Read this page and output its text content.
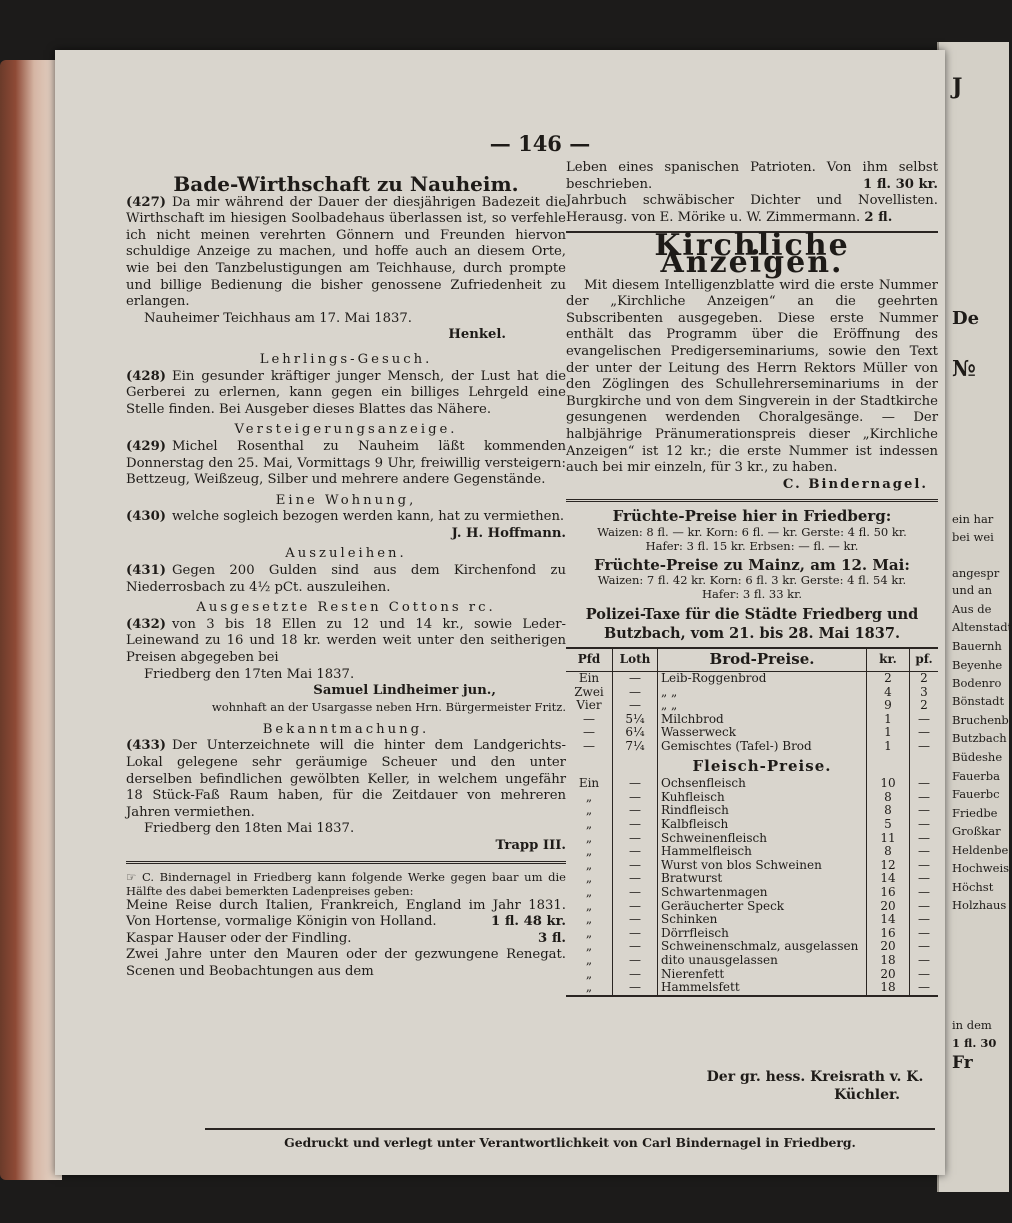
— 146 —
Bade-Wirthschaft zu Nauheim.

(427) Da mir während der Dauer der diesjährigen Badezeit die Wirthschaft im hiesigen Soolbadehaus überlassen ist, so verfehle ich nicht meinen verehrten Gönnern und Freunden hiervon schuldige Anzeige zu machen, und hoffe auch an diesem Orte, wie bei den Tanzbelustigungen am Teichhause, durch prompte und billige Bedienung die bisher genossene Zufriedenheit zu erlangen.

Nauheimer Teichhaus am 17. Mai 1837.
Henkel.
Lehrlings-Gesuch.

(428) Ein gesunder kräftiger junger Mensch, der Lust hat die Gerberei zu erlernen, kann gegen ein billiges Lehrgeld eine Stelle finden. Bei Ausgeber dieses Blattes das Nähere.

Versteigerungsanzeige.

(429) Michel Rosenthal zu Nauheim läßt kommenden Donnerstag den 25. Mai, Vormittags 9 Uhr, freiwillig versteigern: Bettzeug, Weißzeug, Silber und mehrere andere Gegenstände.

Eine Wohnung,

(430) welche sogleich bezogen werden kann, hat zu vermiethen.

J. H. Hoffmann.
Auszuleihen.

(431) Gegen 200 Gulden sind aus dem Kirchenfond zu Niederrosbach zu 4½ pCt. auszuleihen.

Ausgesetzte Resten Cottons rc.

(432) von 3 bis 18 Ellen zu 12 und 14 kr., sowie Leder-Leinewand zu 16 und 18 kr. werden weit unter den seitherigen Preisen abgegeben bei

Friedberg den 17ten Mai 1837.
Samuel Lindheimer jun.,
wohnhaft an der Usargasse neben Hrn. Bürgermeister Fritz.
Bekanntmachung.

(433) Der Unterzeichnete will die hinter dem Landgerichts-Lokal gelegene sehr geräumige Scheuer und den unter derselben befindlichen gewölbten Keller, in welchem ungefähr 18 Stück-Faß Raum haben, für die Zeitdauer von mehreren Jahren vermiethen.

Friedberg den 18ten Mai 1837.
Trapp III.

☞ C. Bindernagel in Friedberg kann folgende Werke gegen baar um die Hälfte des dabei bemerkten Ladenpreises geben:

Meine Reise durch Italien, Frankreich, England im Jahr 1831. Von Hortense, vormalige Königin von Holland.	1 fl. 48 kr.

Kaspar Hauser oder der Findling.	3 fl.

Zwei Jahre unter den Mauren oder der gezwungene Renegat. Scenen und Beobachtungen aus dem

Leben eines spanischen Patrioten. Von ihm selbst beschrieben.	1 fl. 30 kr.

Jahrbuch schwäbischer Dichter und Novellisten. Herausg. von E. Mörike u. W. Zimmermann. 2 fl.

Kirchliche Anzeigen.

Mit diesem Intelligenzblatte wird die erste Nummer der „Kirchliche Anzeigen“ an die geehrten Subscribenten ausgegeben. Diese erste Nummer enthält das Programm über die Eröffnung des evangelischen Predigerseminariums, sowie den Text der unter der Leitung des Herrn Rektors Müller von den Zöglingen des Schullehrerseminariums in der Burgkirche und von dem Singverein in der Stadtkirche gesungenen werdenden Choralgesänge. — Der halbjährige Pränumerationspreis dieser „Kirchliche Anzeigen“ ist 12 kr.; die erste Nummer ist indessen auch bei mir einzeln, für 3 kr., zu haben.

C. Bindernagel.
Früchte-Preise hier in Friedberg:
Waizen: 8 fl. — kr. Korn: 6 fl. — kr. Gerste: 4 fl. 50 kr.
Hafer: 3 fl. 15 kr. Erbsen: — fl. — kr.
Früchte-Preise zu Mainz, am 12. Mai:
Waizen: 7 fl. 42 kr. Korn: 6 fl. 3 kr. Gerste: 4 fl. 54 kr.
Hafer: 3 fl. 33 kr.
Polizei-Taxe für die Städte Friedberg und Butzbach, vom 21. bis 28. Mai 1837.
Pfd	Loth	Brod-Preise.	kr.	pf.
Ein	—	Leib-Roggenbrod	2	2
Zwei	—	„ „	4	3
Vier	—	„ „	9	2
—	5¼	Milchbrod	1	—
—	6¼	Wasserweck	1	—
—	7¼	Gemischtes (Tafel-) Brod	1	—
		Fleisch-Preise.		
Ein	—	Ochsenfleisch	10	—
„	—	Kuhfleisch	8	—
„	—	Rindfleisch	8	—
„	—	Kalbfleisch	5	—
„	—	Schweinenfleisch	11	—
„	—	Hammelfleisch	8	—
„	—	Wurst von blos Schweinen	12	—
„	—	Bratwurst	14	—
„	—	Schwartenmagen	16	—
„	—	Geräucherter Speck	20	—
„	—	Schinken	14	—
„	—	Dörrfleisch	16	—
„	—	Schweinenschmalz, ausgelassen	20	—
„	—	dito unausgelassen	18	—
„	—	Nierenfett	20	—
„	—	Hammelsfett	18	—
Der gr. hess. Kreisrath v. K.
Küchler.
Gedruckt und verlegt unter Verantwortlichkeit von Carl Bindernagel in Friedberg.
J
De
№
ein har
bei wei
angespr
und an
Aus de
Altenstadt
Bauernh
Beyenhe
Bodenro
Bönstadt
Bruchenb
Butzbach
Büdeshe
Fauerba
Fauerbc
Friedbe
Großkar
Heldenbe
Hochweis
Höchst
Holzhaus
in dem
1 fl. 30
Fr
